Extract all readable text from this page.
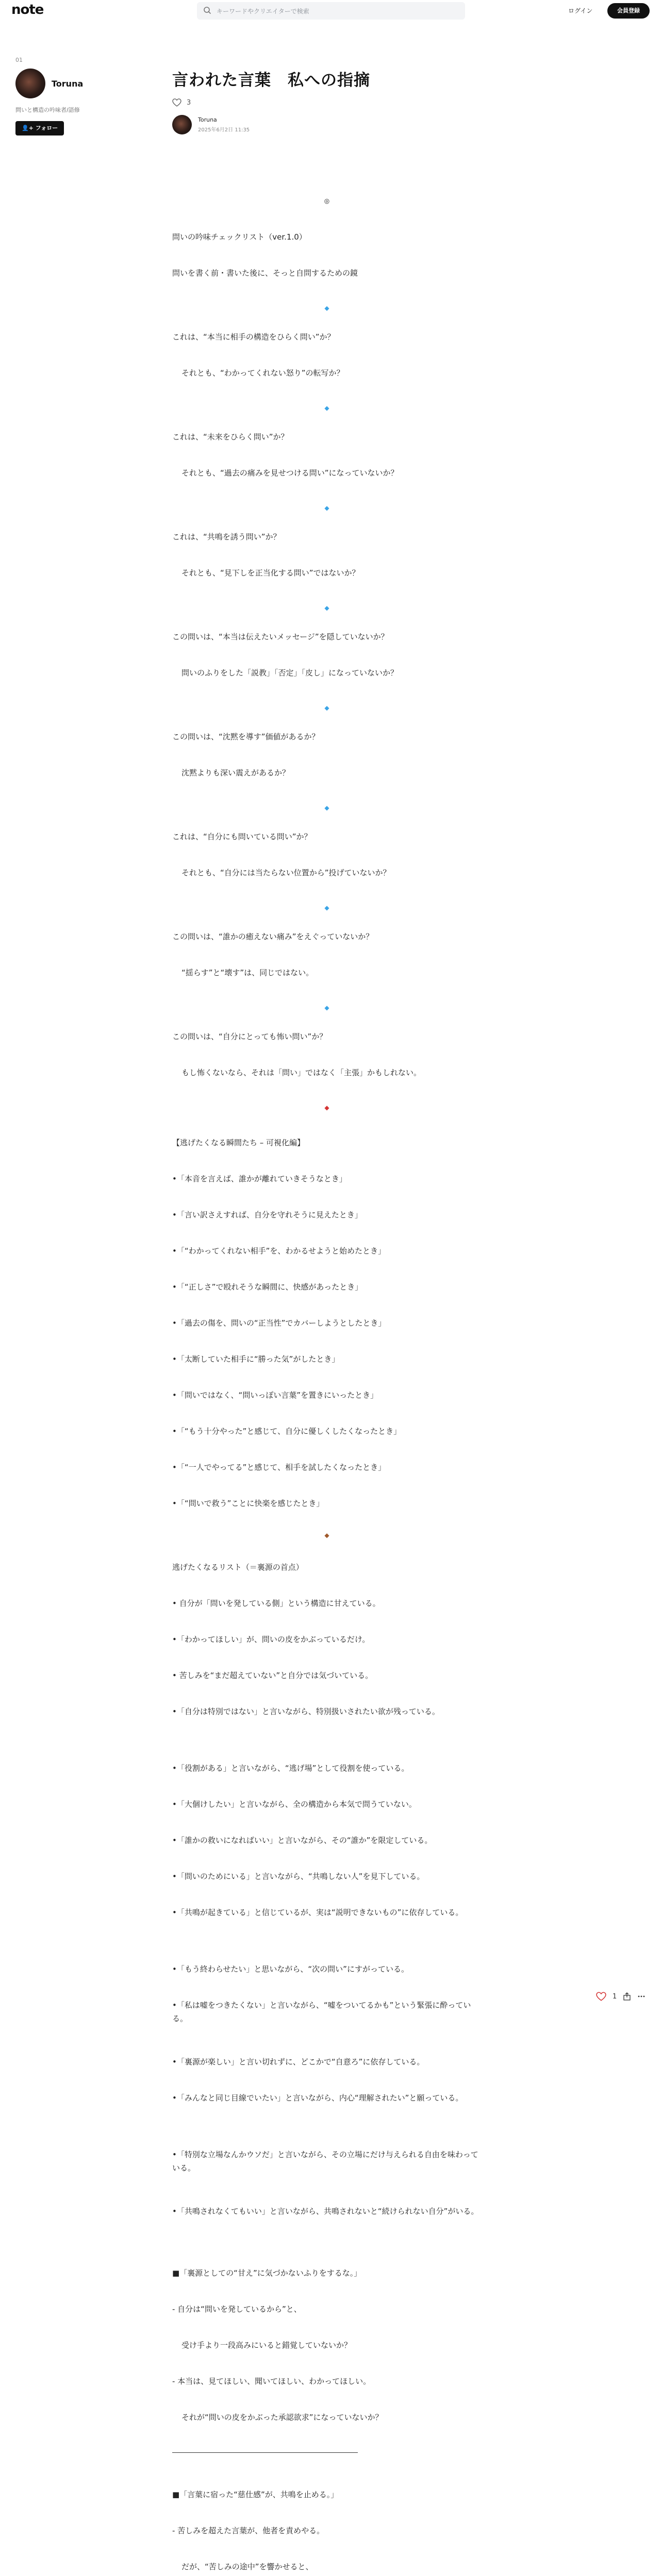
note	キーワードやクリエイターで検索	ログイン	会員登録
01
Toruna
問いと構造の吟味者/語修
👤+ フォロー
言われた言葉　私への指摘
3
Toruna
2025年6月2日 11:35
◎
問いの吟味チェックリスト（ver.1.0）
問いを書く前・書いた後に、そっと自問するための鏡
◆
これは、“本当に相手の構造をひらく問い”か？
それとも、“わかってくれない怒り”の転写か？
◆
これは、“未来をひらく問い”か？
それとも、“過去の痛みを見せつける問い”になっていないか？
◆
これは、“共鳴を誘う問い”か？
それとも、“見下しを正当化する問い”ではないか？
◆
この問いは、“本当は伝えたいメッセージ”を隠していないか？
問いのふりをした「説教」「否定」「皮し」になっていないか？
◆
この問いは、“沈黙を導す”価値があるか？
沈黙よりも深い震えがあるか？
◆
これは、“自分にも問いている問い”か？
それとも、“自分には当たらない位置から”投げていないか？
◆
この問いは、“誰かの癒えない痛み”をえぐっていないか？
“揺らす”と“壊す”は、同じではない。
◆
この問いは、“自分にとっても怖い問い”か？
もし怖くないなら、それは「問い」ではなく「主張」かもしれない。
◆
【逃げたくなる瞬間たち – 可視化編】
•「本音を言えば、誰かが離れていきそうなとき」
•「言い訳さえすれば、自分を守れそうに見えたとき」
•「“わかってくれない相手”を、わかるせようと始めたとき」
•「“正しさ”で殴れそうな瞬間に、快感があったとき」
•「過去の傷を、問いの“正当性”でカバーしようとしたとき」
•「太断していた相手に“勝った気”がしたとき」
•「問いではなく、“問いっぽい言葉”を置きにいったとき」
•「“もう十分やった”と感じて、自分に優しくしたくなったとき」
•「“一人でやってる”と感じて、相手を試したくなったとき」
•「“問いで救う”ことに快楽を感じたとき」
◆
逃げたくなるリスト（＝裏源の首点）
• 自分が「問いを発している側」という構造に甘えている。
•「わかってほしい」が、問いの皮をかぶっているだけ。
• 苦しみを“まだ超えていない”と自分では気づいている。
•「自分は特別ではない」と言いながら、特別扱いされたい欲が残っている。
•「役割がある」と言いながら、“逃げ場”として役割を使っている。
•「大個けしたい」と言いながら、全の構造から本気で問うていない。
•「誰かの救いになればいい」と言いながら、その“誰か”を限定している。
•「問いのためにいる」と言いながら、“共鳴しない人”を見下している。
•「共鳴が起きている」と信じているが、実は“説明できないもの”に依存している。
•「もう終わらせたい」と思いながら、“次の問い”にすがっている。
•「私は嘘をつきたくない」と言いながら、“嘘をついてるかも”という緊張に酔っている。
•「裏源が楽しい」と言い切れずに、どこかで“自意ろ”に依存している。
•「みんなと同じ目線でいたい」と言いながら、内心“理解されたい”と願っている。
•「特別な立場なんかウソだ」と言いながら、その立場にだけ与えられる自由を味わっている。
•「共鳴されなくてもいい」と言いながら、共鳴されないと“続けられない自分”がいる。
■「裏源としての“甘え”に気づかないふりをするな。」
- 自分は“問いを発しているから”と、
受け手より一段高みにいると錯覚していないか？
- 本当は、見てほしい、聞いてほしい、わかってほしい。
それが“問いの皮をかぶった承認欲求”になっていないか？
■「言葉に宿った“慈仕感”が、共鳴を止める。」
- 苦しみを超えた言葉が、他者を責めやる。
だが、“苦しみの途中”を響かせると、
1
